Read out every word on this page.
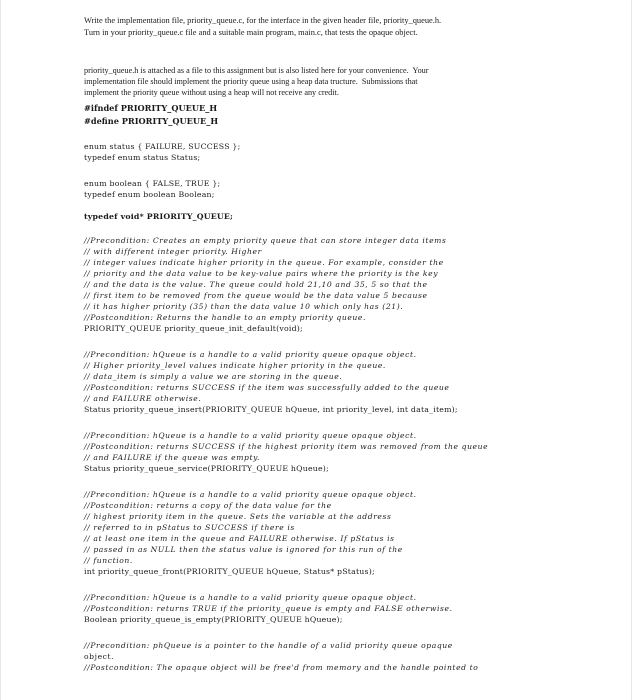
Write the implementation file, priority_queue.c, for the interface in the given header file, priority_queue.h.
Turn in your priority_queue.c file and a suitable main program, main.c, that tests the opaque object.
priority_queue.h is attached as a file to this assignment but is also listed here for your convenience.  Your
implementation file should implement the priority queue using a heap data tructure.  Submissions that
implement the priority queue without using a heap will not receive any credit.
#ifndef PRIORITY_QUEUE_H
#define PRIORITY_QUEUE_H
enum status { FAILURE, SUCCESS };
typedef enum status Status;
enum boolean { FALSE, TRUE };
typedef enum boolean Boolean;
typedef void* PRIORITY_QUEUE;
//Precondition: Creates an empty priority queue that can store integer data items
// with different integer priority. Higher
// integer values indicate higher priority in the queue. For example, consider the
// priority and the data value to be key-value pairs where the priority is the key
// and the data is the value. The queue could hold 21,10 and 35, 5 so that the
// first item to be removed from the queue would be the data value 5 because
// it has higher priority (35) than the data value 10 which only has (21).
//Postcondition: Returns the handle to an empty priority queue.
PRIORITY_QUEUE priority_queue_init_default(void);
//Precondition: hQueue is a handle to a valid priority queue opaque object.
// Higher priority_level values indicate higher priority in the queue.
// data_item is simply a value we are storing in the queue.
//Postcondition: returns SUCCESS if the item was successfully added to the queue
// and FAILURE otherwise.
Status priority_queue_insert(PRIORITY_QUEUE hQueue, int priority_level, int data_item);
//Precondition: hQueue is a handle to a valid priority queue opaque object.
//Postcondition: returns SUCCESS if the highest priority item was removed from the queue
// and FAILURE if the queue was empty.
Status priority_queue_service(PRIORITY_QUEUE hQueue);
//Precondition: hQueue is a handle to a valid priority queue opaque object.
//Postcondition: returns a copy of the data value for the
// highest priority item in the queue. Sets the variable at the address
// referred to in pStatus to SUCCESS if there is
// at least one item in the queue and FAILURE otherwise. If pStatus is
// passed in as NULL then the status value is ignored for this run of the
// function.
int priority_queue_front(PRIORITY_QUEUE hQueue, Status* pStatus);
//Precondition: hQueue is a handle to a valid priority queue opaque object.
//Postcondition: returns TRUE if the priority_queue is empty and FALSE otherwise.
Boolean priority_queue_is_empty(PRIORITY_QUEUE hQueue);
//Precondition: phQueue is a pointer to the handle of a valid priority queue opaque
object.
//Postcondition: The opaque object will be free'd from memory and the handle pointed to
